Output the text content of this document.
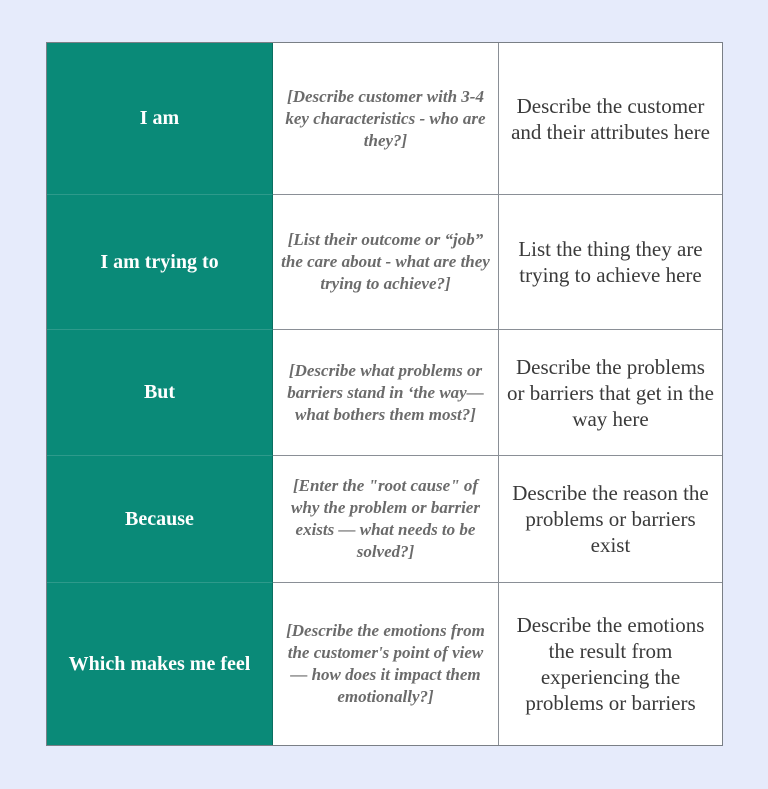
I am
[Describe customer with 3-4 key characteristics - who are they?]
Describe the customer and their attributes here
I am trying to
[List their outcome or “job” the care about - what are they trying to achieve?]
List the thing they are trying to achieve here
But
[Describe what problems or barriers stand in ‘the way—what bothers them most?]
Describe the problems or barriers that get in the way here
Because
[Enter the "root cause" of why the problem or barrier exists — what needs to be solved?]
Describe the reason the problems or barriers exist
Which makes me feel
[Describe the emotions from the customer's point of view — how does it impact them emotionally?]
Describe the emotions the result from experiencing the problems or barriers
